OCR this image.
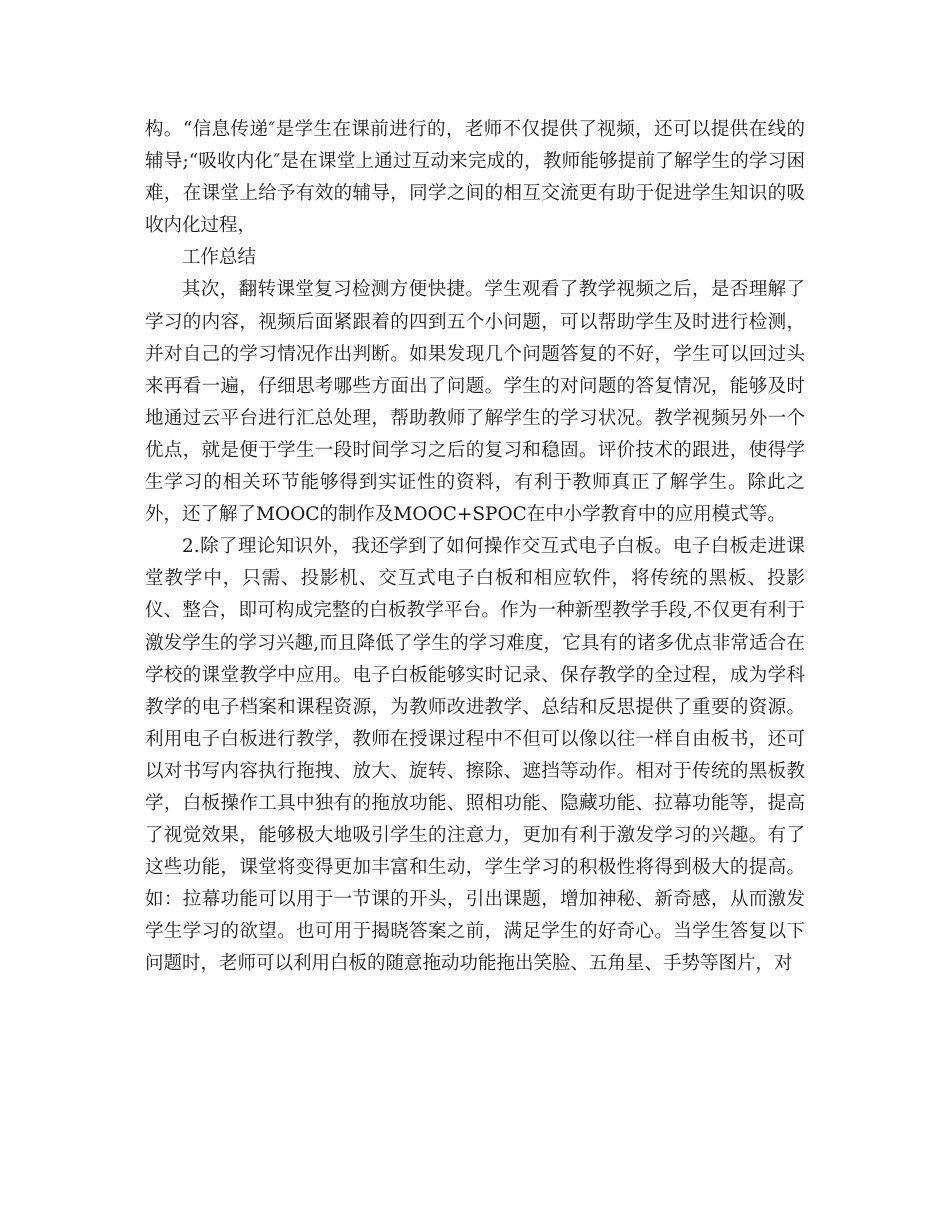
构。“信息传递″是学生在课前进行的，老师不仅提供了视频，还可以提供在线的辅导;“吸收内化″是在课堂上通过互动来完成的，教师能够提前了解学生的学习困难，在课堂上给予有效的辅导，同学之间的相互交流更有助于促进学生知识的吸收内化过程，

工作总结

其次，翻转课堂复习检测方便快捷。学生观看了教学视频之后，是否理解了学习的内容，视频后面紧跟着的四到五个小问题，可以帮助学生及时进行检测，并对自己的学习情况作出判断。如果发现几个问题答复的不好，学生可以回过头来再看一遍，仔细思考哪些方面出了问题。学生的对问题的答复情况，能够及时地通过云平台进行汇总处理，帮助教师了解学生的学习状况。教学视频另外一个优点，就是便于学生一段时间学习之后的复习和稳固。评价技术的跟进，使得学生学习的相关环节能够得到实证性的资料，有利于教师真正了解学生。除此之外，还了解了MOOC的制作及MOOC+SPOC在中小学教育中的应用模式等。

2.除了理论知识外，我还学到了如何操作交互式电子白板。电子白板走进课堂教学中，只需、投影机、交互式电子白板和相应软件，将传统的黑板、投影仪、整合，即可构成完整的白板教学平台。作为一种新型教学手段,不仅更有利于激发学生的学习兴趣,而且降低了学生的学习难度，它具有的诸多优点非常适合在学校的课堂教学中应用。电子白板能够实时记录、保存教学的全过程，成为学科教学的电子档案和课程资源，为教师改进教学、总结和反思提供了重要的资源。利用电子白板进行教学，教师在授课过程中不但可以像以往一样自由板书，还可以对书写内容执行拖拽、放大、旋转、擦除、遮挡等动作。相对于传统的黑板教学，白板操作工具中独有的拖放功能、照相功能、隐藏功能、拉幕功能等，提高了视觉效果，能够极大地吸引学生的注意力，更加有利于激发学习的兴趣。有了这些功能，课堂将变得更加丰富和生动，学生学习的积极性将得到极大的提高。如：拉幕功能可以用于一节课的开头，引出课题，增加神秘、新奇感，从而激发学生学习的欲望。也可用于揭晓答案之前，满足学生的好奇心。当学生答复以下问题时，老师可以利用白板的随意拖动功能拖出笑脸、五角星、手势等图片，对
